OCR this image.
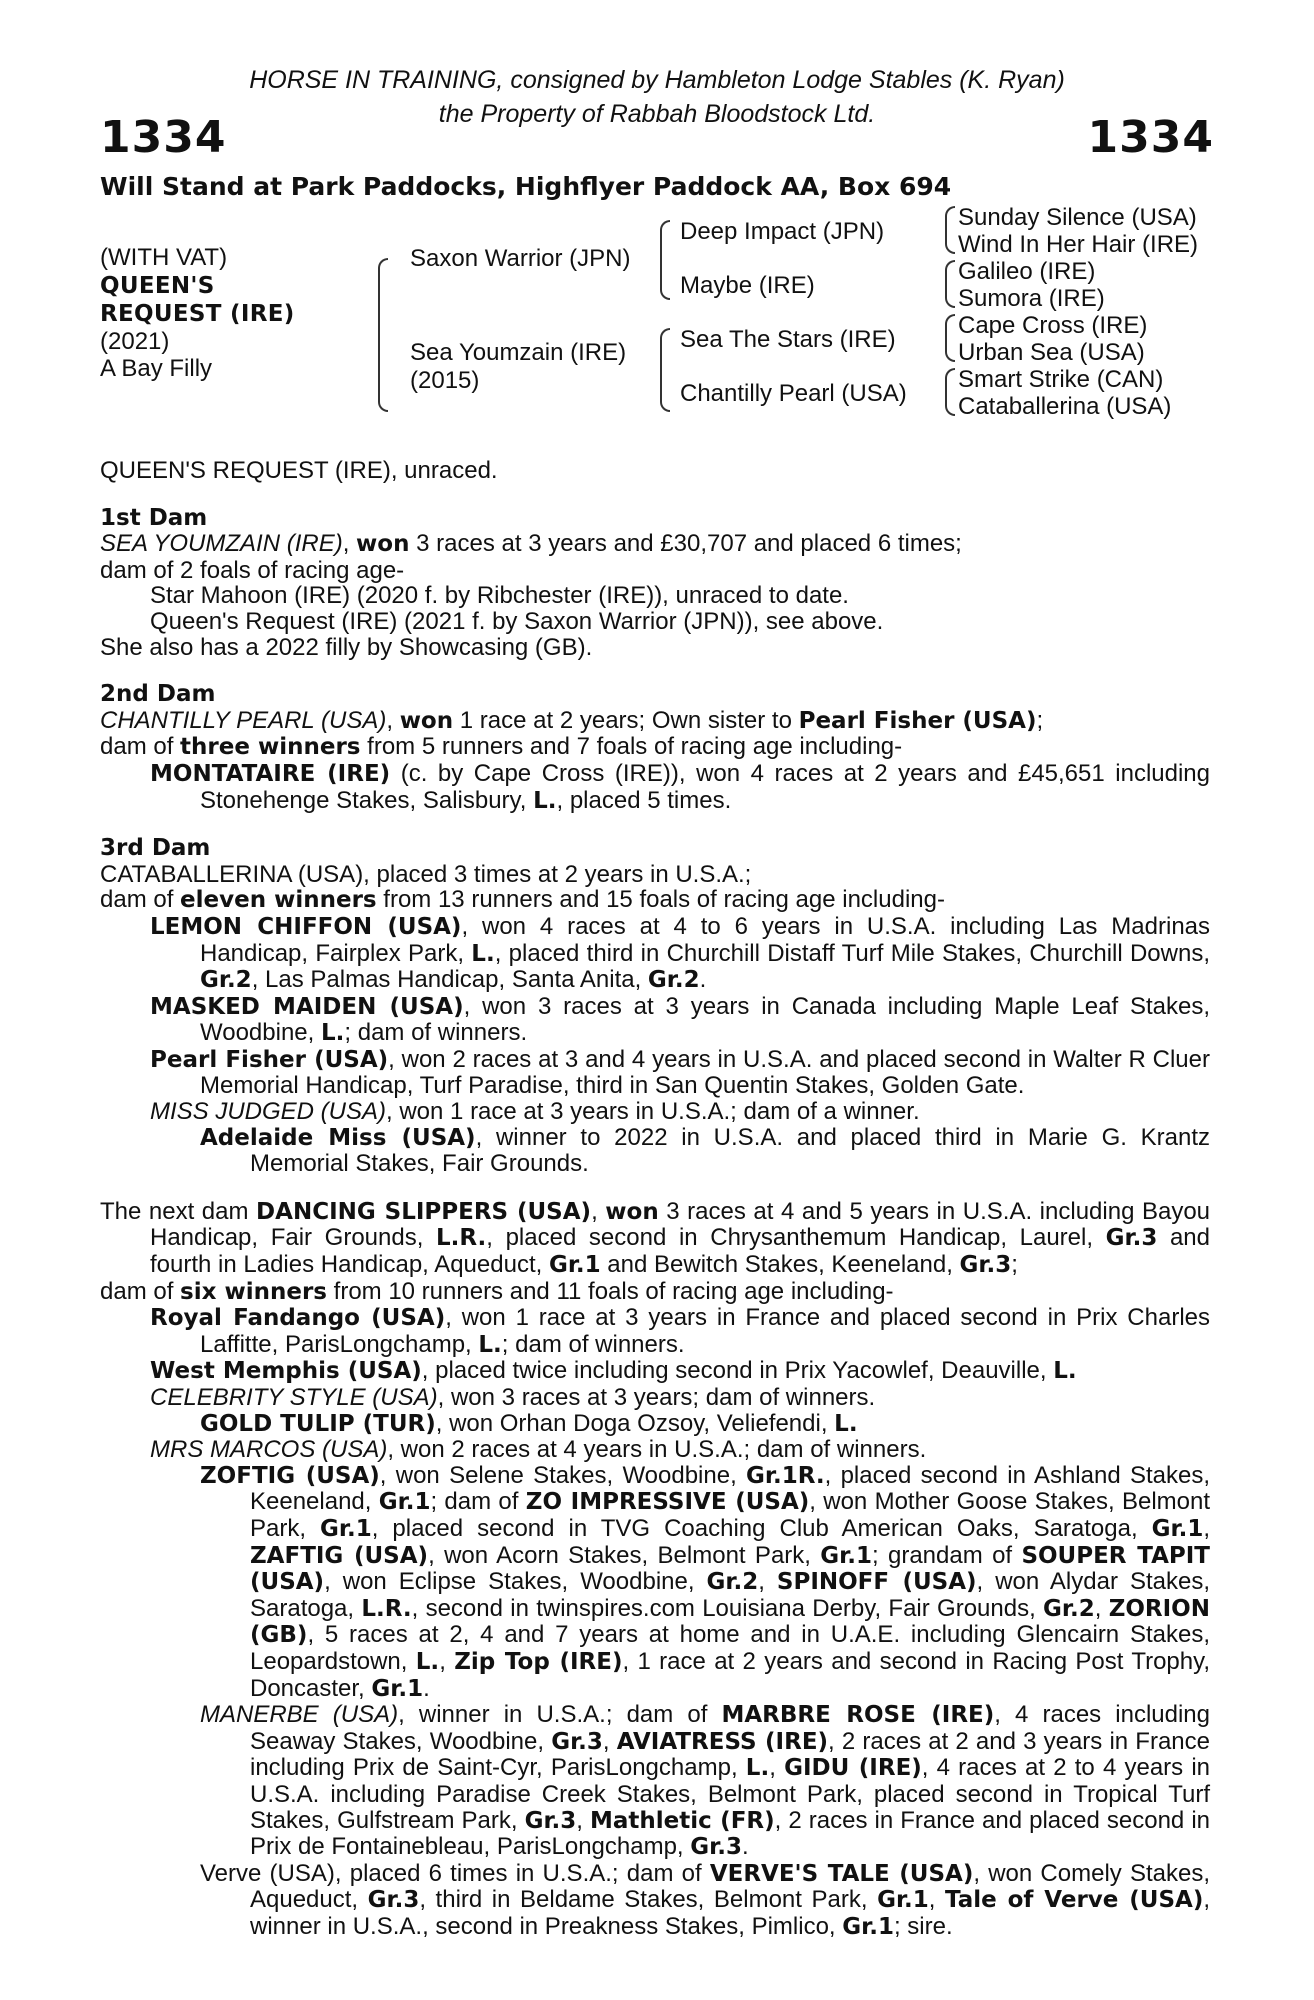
HORSE IN TRAINING, consigned by Hambleton Lodge Stables (K. Ryan)
the Property of Rabbah Bloodstock Ltd.
1334	1334
Will Stand at Park Paddocks, Highflyer Paddock AA, Box 694
(WITH VAT)
QUEEN'S
REQUEST (IRE)
(2021)
A Bay Filly
Saxon Warrior (JPN)
Sea Youmzain (IRE)
(2015)
Deep Impact (JPN)
Maybe (IRE)
Sea The Stars (IRE)
Chantilly Pearl (USA)
Sunday Silence (USA)
Wind In Her Hair (IRE)
Galileo (IRE)
Sumora (IRE)
Cape Cross (IRE)
Urban Sea (USA)
Smart Strike (CAN)
Cataballerina (USA)

QUEEN'S REQUEST (IRE), unraced.

1st Dam

SEA YOUMZAIN (IRE), won 3 races at 3 years and £30,707 and placed 6 times;

dam of 2 foals of racing age-

Star Mahoon (IRE) (2020 f. by Ribchester (IRE)), unraced to date.

Queen's Request (IRE) (2021 f. by Saxon Warrior (JPN)), see above.

She also has a 2022 filly by Showcasing (GB).

2nd Dam

CHANTILLY PEARL (USA), won 1 race at 2 years; Own sister to Pearl Fisher (USA);

dam of three winners from 5 runners and 7 foals of racing age including-

MONTATAIRE (IRE) (c. by Cape Cross (IRE)), won 4 races at 2 years and £45,651 including Stonehenge Stakes, Salisbury, L., placed 5 times.

3rd Dam

CATABALLERINA (USA), placed 3 times at 2 years in U.S.A.;

dam of eleven winners from 13 runners and 15 foals of racing age including-

LEMON CHIFFON (USA), won 4 races at 4 to 6 years in U.S.A. including Las Madrinas Handicap, Fairplex Park, L., placed third in Churchill Distaff Turf Mile Stakes, Churchill Downs, Gr.2, Las Palmas Handicap, Santa Anita, Gr.2.

MASKED MAIDEN (USA), won 3 races at 3 years in Canada including Maple Leaf Stakes, Woodbine, L.; dam of winners.

Pearl Fisher (USA), won 2 races at 3 and 4 years in U.S.A. and placed second in Walter R Cluer Memorial Handicap, Turf Paradise, third in San Quentin Stakes, Golden Gate.

MISS JUDGED (USA), won 1 race at 3 years in U.S.A.; dam of a winner.

Adelaide Miss (USA), winner to 2022 in U.S.A. and placed third in Marie G. Krantz Memorial Stakes, Fair Grounds.

The next dam DANCING SLIPPERS (USA), won 3 races at 4 and 5 years in U.S.A. including Bayou Handicap, Fair Grounds, L.R., placed second in Chrysanthemum Handicap, Laurel, Gr.3 and fourth in Ladies Handicap, Aqueduct, Gr.1 and Bewitch Stakes, Keeneland, Gr.3;

dam of six winners from 10 runners and 11 foals of racing age including-

Royal Fandango (USA), won 1 race at 3 years in France and placed second in Prix Charles Laffitte, ParisLongchamp, L.; dam of winners.

West Memphis (USA), placed twice including second in Prix Yacowlef, Deauville, L.

CELEBRITY STYLE (USA), won 3 races at 3 years; dam of winners.

GOLD TULIP (TUR), won Orhan Doga Ozsoy, Veliefendi, L.

MRS MARCOS (USA), won 2 races at 4 years in U.S.A.; dam of winners.

ZOFTIG (USA), won Selene Stakes, Woodbine, Gr.1R., placed second in Ashland Stakes, Keeneland, Gr.1; dam of ZO IMPRESSIVE (USA), won Mother Goose Stakes, Belmont Park, Gr.1, placed second in TVG Coaching Club American Oaks, Saratoga, Gr.1, ZAFTIG (USA), won Acorn Stakes, Belmont Park, Gr.1; grandam of SOUPER TAPIT (USA), won Eclipse Stakes, Woodbine, Gr.2, SPINOFF (USA), won Alydar Stakes, Saratoga, L.R., second in twinspires.com Louisiana Derby, Fair Grounds, Gr.2, ZORION (GB), 5 races at 2, 4 and 7 years at home and in U.A.E. including Glencairn Stakes, Leopardstown, L., Zip Top (IRE), 1 race at 2 years and second in Racing Post Trophy, Doncaster, Gr.1.

MANERBE (USA), winner in U.S.A.; dam of MARBRE ROSE (IRE), 4 races including Seaway Stakes, Woodbine, Gr.3, AVIATRESS (IRE), 2 races at 2 and 3 years in France including Prix de Saint-Cyr, ParisLongchamp, L., GIDU (IRE), 4 races at 2 to 4 years in U.S.A. including Paradise Creek Stakes, Belmont Park, placed second in Tropical Turf Stakes, Gulfstream Park, Gr.3, Mathletic (FR), 2 races in France and placed second in Prix de Fontainebleau, ParisLongchamp, Gr.3.

Verve (USA), placed 6 times in U.S.A.; dam of VERVE'S TALE (USA), won Comely Stakes, Aqueduct, Gr.3, third in Beldame Stakes, Belmont Park, Gr.1, Tale of Verve (USA), winner in U.S.A., second in Preakness Stakes, Pimlico, Gr.1; sire.
